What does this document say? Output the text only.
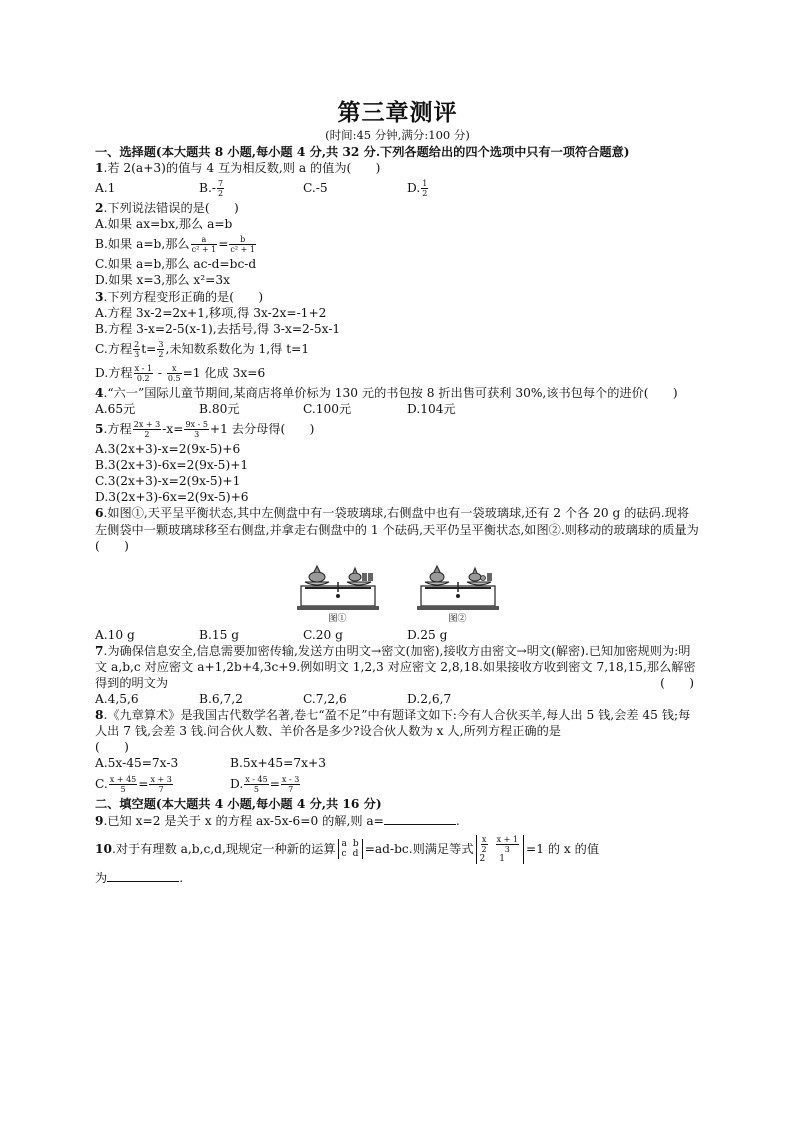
第三章测评
(时间:45 分钟,满分:100 分)
一、选择题(本大题共 8 小题,每小题 4 分,共 32 分.下列各题给出的四个选项中只有一项符合题意)
1.若 2(a+3)的值与 4 互为相反数,则 a 的值为(　　)
A.1	$B.- \frac{7}{2}$	C.-5	D. $\frac{1}{2}$
2.下列说法错误的是(　　)
A.如果 ax=bx,那么 a=b
B.如果 a=b,那么 $\frac{a}{\text{c² + 1}} = \frac{b}{\text{c² + 1}}$
C.如果 a=b,那么 ac-d=bc-d
D.如果 x=3,那么 x²=3x
3.下列方程变形正确的是(　　)
A.方程 3x-2=2x+1,移项,得 3x-2x=-1+2
B.方程 3-x=2-5(x-1),去括号,得 3-x=2-5x-1
C.方程 $\frac{2}{3} t= \frac{3}{2}$ ,未知数系数化为 1,得 t=1
D.方程 $\frac{x - 1}{0.2} - \frac{x}{0.5} =1$ 化成 3x=6
4.“六一”国际儿童节期间,某商店将单价标为 130 元的书包按 8 折出售可获利 30%,该书包每个的进价(　　)
A.65元	B.80元	C.100元	D.104元
5.方程 $\frac{2x + 3}{2} -x= \frac{9x - 5}{3} +1$ 去分母得(　　)
A.3(2x+3)-x=2(9x-5)+6
B.3(2x+3)-6x=2(9x-5)+1
C.3(2x+3)-x=2(9x-5)+1
D.3(2x+3)-6x=2(9x-5)+6
6.如图①,天平呈平衡状态,其中左侧盘中有一袋玻璃球,右侧盘中也有一袋玻璃球,还有 2 个各 20 g 的砝码.现将左侧袋中一颗玻璃球移至右侧盘,并拿走右侧盘中的 1 个砝码,天平仍呈平衡状态,如图②.则移动的玻璃球的质量为(　　)
图①	图②
A.10 g	B.15 g	C.20 g	D.25 g
7.为确保信息安全,信息需要加密传输,发送方由明文→密文(加密),接收方由密文→明文(解密).已知加密规则为:明文 a,b,c 对应密文 a+1,2b+4,3c+9.例如明文 1,2,3 对应密文 2,8,18.如果接收方收到密文 7,18,15,那么解密得到的明文为	(　　)
A.4,5,6	B.6,7,2	C.7,2,6	D.2,6,7
8.《九章算术》是我国古代数学名著,卷七“盈不足”中有题译文如下:今有人合伙买羊,每人出 5 钱,会差 45 钱;每人出 7 钱,会差 3 钱.问合伙人数、羊价各是多少?设合伙人数为 x 人,所列方程正确的是
(　　)
A.5x-45=7x-3	B.5x+45=7x+3
C. $\frac{x + 45}{5} = \frac{x + 3}{7}$	D. $\frac{x - 45}{5} = \frac{x - 3}{7}$
二、填空题(本大题共 4 小题,每小题 4 分,共 16 分)
9.已知 x=2 是关于 x 的方程 ax-5x-6=0 的解,则 a=	.
10.对于有理数 a,b,c,d,现规定一种新的运算 a b
c d =ad-bc.则满足等式 $\frac{x}{2} \frac{x + 1}{3}$
2 1
=1 的 x 的值
为	.
